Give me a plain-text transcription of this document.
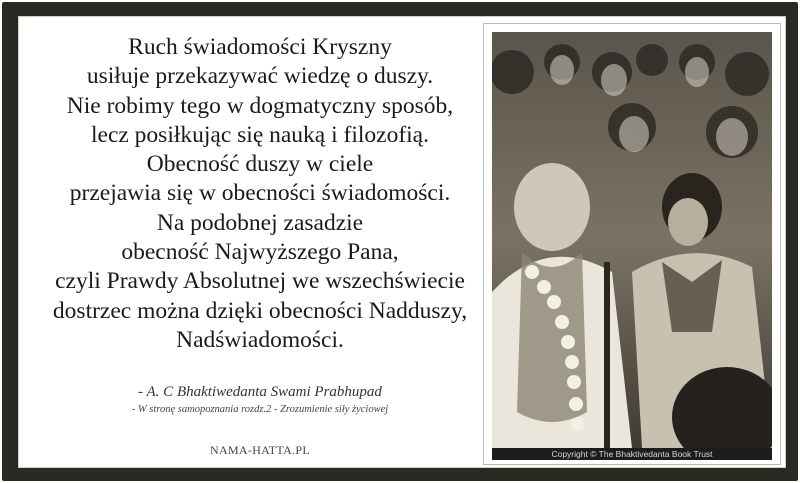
Ruch świadomości Kryszny
usiłuje przekazywać wiedzę o duszy.
Nie robimy tego w dogmatyczny sposób,
lecz posiłkując się nauką i filozofią.
Obecność duszy w ciele
przejawia się w obecności świadomości.
Na podobnej zasadzie
obecność Najwyższego Pana,
czyli Prawdy Absolutnej we wszechświecie
dostrzec można dzięki obecności Nadduszy,
Nadświadomości.
- A. C Bhaktiwedanta Swami Prabhupad
- W stronę samopoznania rozdz.2 - Zrozumienie siły życiowej
NAMA-HATTA.PL	Copyright © The Bhaktivedanta Book Trust
